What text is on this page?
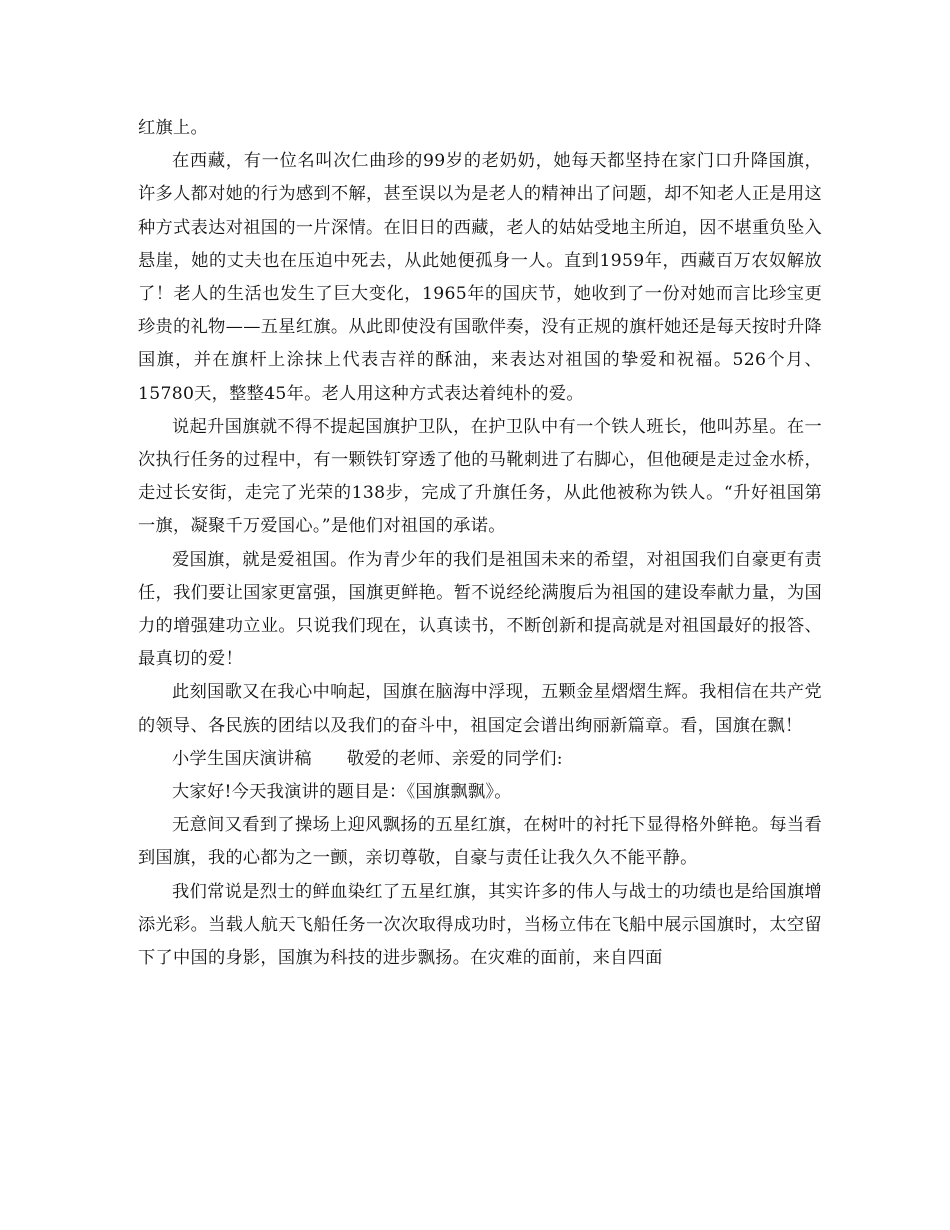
红旗上。

在西藏，有一位名叫次仁曲珍的99岁的老奶奶，她每天都坚持在家门口升降国旗，许多人都对她的行为感到不解，甚至误以为是老人的精神出了问题，却不知老人正是用这种方式表达对祖国的一片深情。在旧日的西藏，老人的姑姑受地主所迫，因不堪重负坠入悬崖，她的丈夫也在压迫中死去，从此她便孤身一人。直到1959年，西藏百万农奴解放了！老人的生活也发生了巨大变化，1965年的国庆节，她收到了一份对她而言比珍宝更珍贵的礼物——五星红旗。从此即使没有国歌伴奏，没有正规的旗杆她还是每天按时升降国旗，并在旗杆上涂抹上代表吉祥的酥油，来表达对祖国的挚爱和祝福。526个月、15780天，整整45年。老人用这种方式表达着纯朴的爱。

说起升国旗就不得不提起国旗护卫队，在护卫队中有一个铁人班长，他叫苏星。在一次执行任务的过程中，有一颗铁钉穿透了他的马靴刺进了右脚心，但他硬是走过金水桥，走过长安街，走完了光荣的138步，完成了升旗任务，从此他被称为铁人。“升好祖国第一旗，凝聚千万爱国心。”是他们对祖国的承诺。

爱国旗，就是爱祖国。作为青少年的我们是祖国未来的希望，对祖国我们自豪更有责任，我们要让国家更富强，国旗更鲜艳。暂不说经纶满腹后为祖国的建设奉献力量，为国力的增强建功立业。只说我们现在，认真读书，不断创新和提高就是对祖国最好的报答、最真切的爱！

此刻国歌又在我心中响起，国旗在脑海中浮现，五颗金星熠熠生辉。我相信在共产党的领导、各民族的团结以及我们的奋斗中，祖国定会谱出绚丽新篇章。看，国旗在飘！

小学生国庆演讲稿　　敬爱的老师、亲爱的同学们:

大家好!今天我演讲的题目是：《国旗飘飘》。

无意间又看到了操场上迎风飘扬的五星红旗，在树叶的衬托下显得格外鲜艳。每当看到国旗，我的心都为之一颤，亲切尊敬，自豪与责任让我久久不能平静。

我们常说是烈士的鲜血染红了五星红旗，其实许多的伟人与战士的功绩也是给国旗增添光彩。当载人航天飞船任务一次次取得成功时，当杨立伟在飞船中展示国旗时，太空留下了中国的身影，国旗为科技的进步飘扬。在灾难的面前，来自四面
